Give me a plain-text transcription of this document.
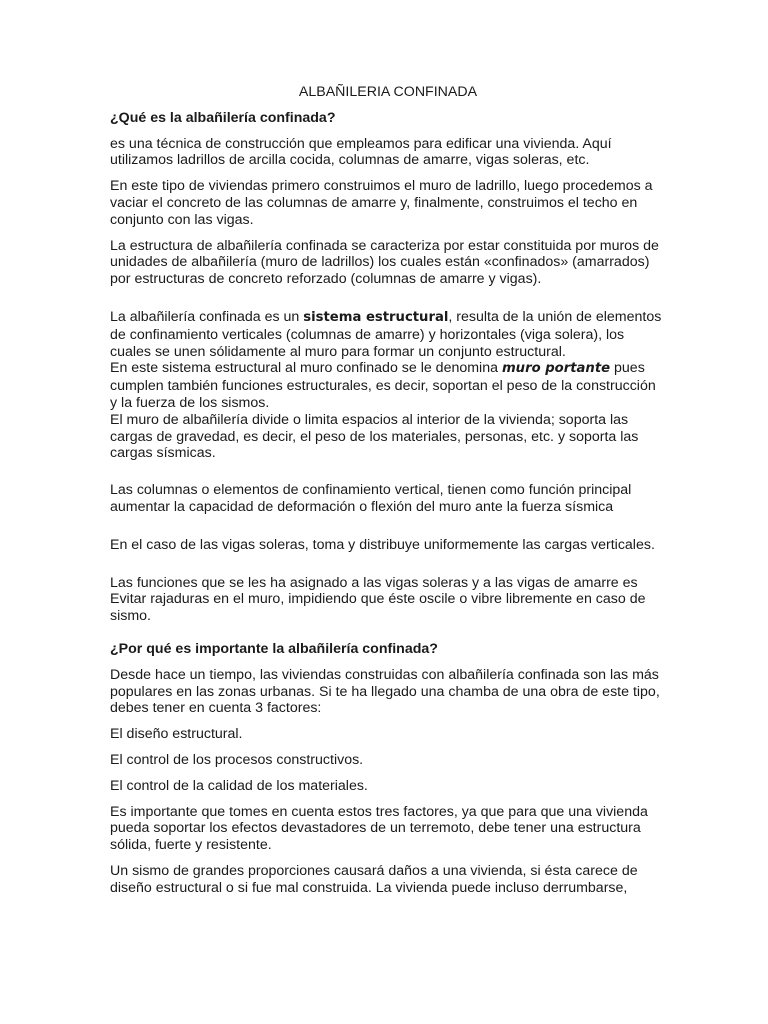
ALBAÑILERIA CONFINADA
¿Qué es la albañilería confinada?

es una técnica de construcción que empleamos para edificar una vivienda. Aquí utilizamos ladrillos de arcilla cocida, columnas de amarre, vigas soleras, etc.

En este tipo de viviendas primero construimos el muro de ladrillo, luego procedemos a vaciar el concreto de las columnas de amarre y, finalmente, construimos el techo en conjunto con las vigas.

La estructura de albañilería confinada se caracteriza por estar constituida por muros de unidades de albañilería (muro de ladrillos) los cuales están «confinados» (amarrados) por estructuras de concreto reforzado (columnas de amarre y vigas).

La albañilería confinada es un sistema estructural, resulta de la unión de elementos de confinamiento verticales (columnas de amarre) y horizontales (viga solera), los cuales se unen sólidamente al muro para formar un conjunto estructural.

En este sistema estructural al muro confinado se le denomina muro portante pues cumplen también funciones estructurales, es decir, soportan el peso de la construcción y la fuerza de los sismos.

El muro de albañilería divide o limita espacios al interior de la vivienda; soporta las cargas de gravedad, es decir, el peso de los materiales, personas, etc. y soporta las cargas sísmicas.

Las columnas o elementos de confinamiento vertical, tienen como función principal aumentar la capacidad de deformación o flexión del muro ante la fuerza sísmica

En el caso de las vigas soleras, toma y distribuye uniformemente las cargas verticales.

Las funciones que se les ha asignado a las vigas soleras y a las vigas de amarre es Evitar rajaduras en el muro, impidiendo que éste oscile o vibre libremente en caso de sismo.

¿Por qué es importante la albañilería confinada?

Desde hace un tiempo, las viviendas construidas con albañilería confinada son las más populares en las zonas urbanas. Si te ha llegado una chamba de una obra de este tipo, debes tener en cuenta 3 factores:

El diseño estructural.

El control de los procesos constructivos.

El control de la calidad de los materiales.

Es importante que tomes en cuenta estos tres factores, ya que para que una vivienda pueda soportar los efectos devastadores de un terremoto, debe tener una estructura sólida, fuerte y resistente.

Un sismo de grandes proporciones causará daños a una vivienda, si ésta carece de diseño estructural o si fue mal construida. La vivienda puede incluso derrumbarse,
